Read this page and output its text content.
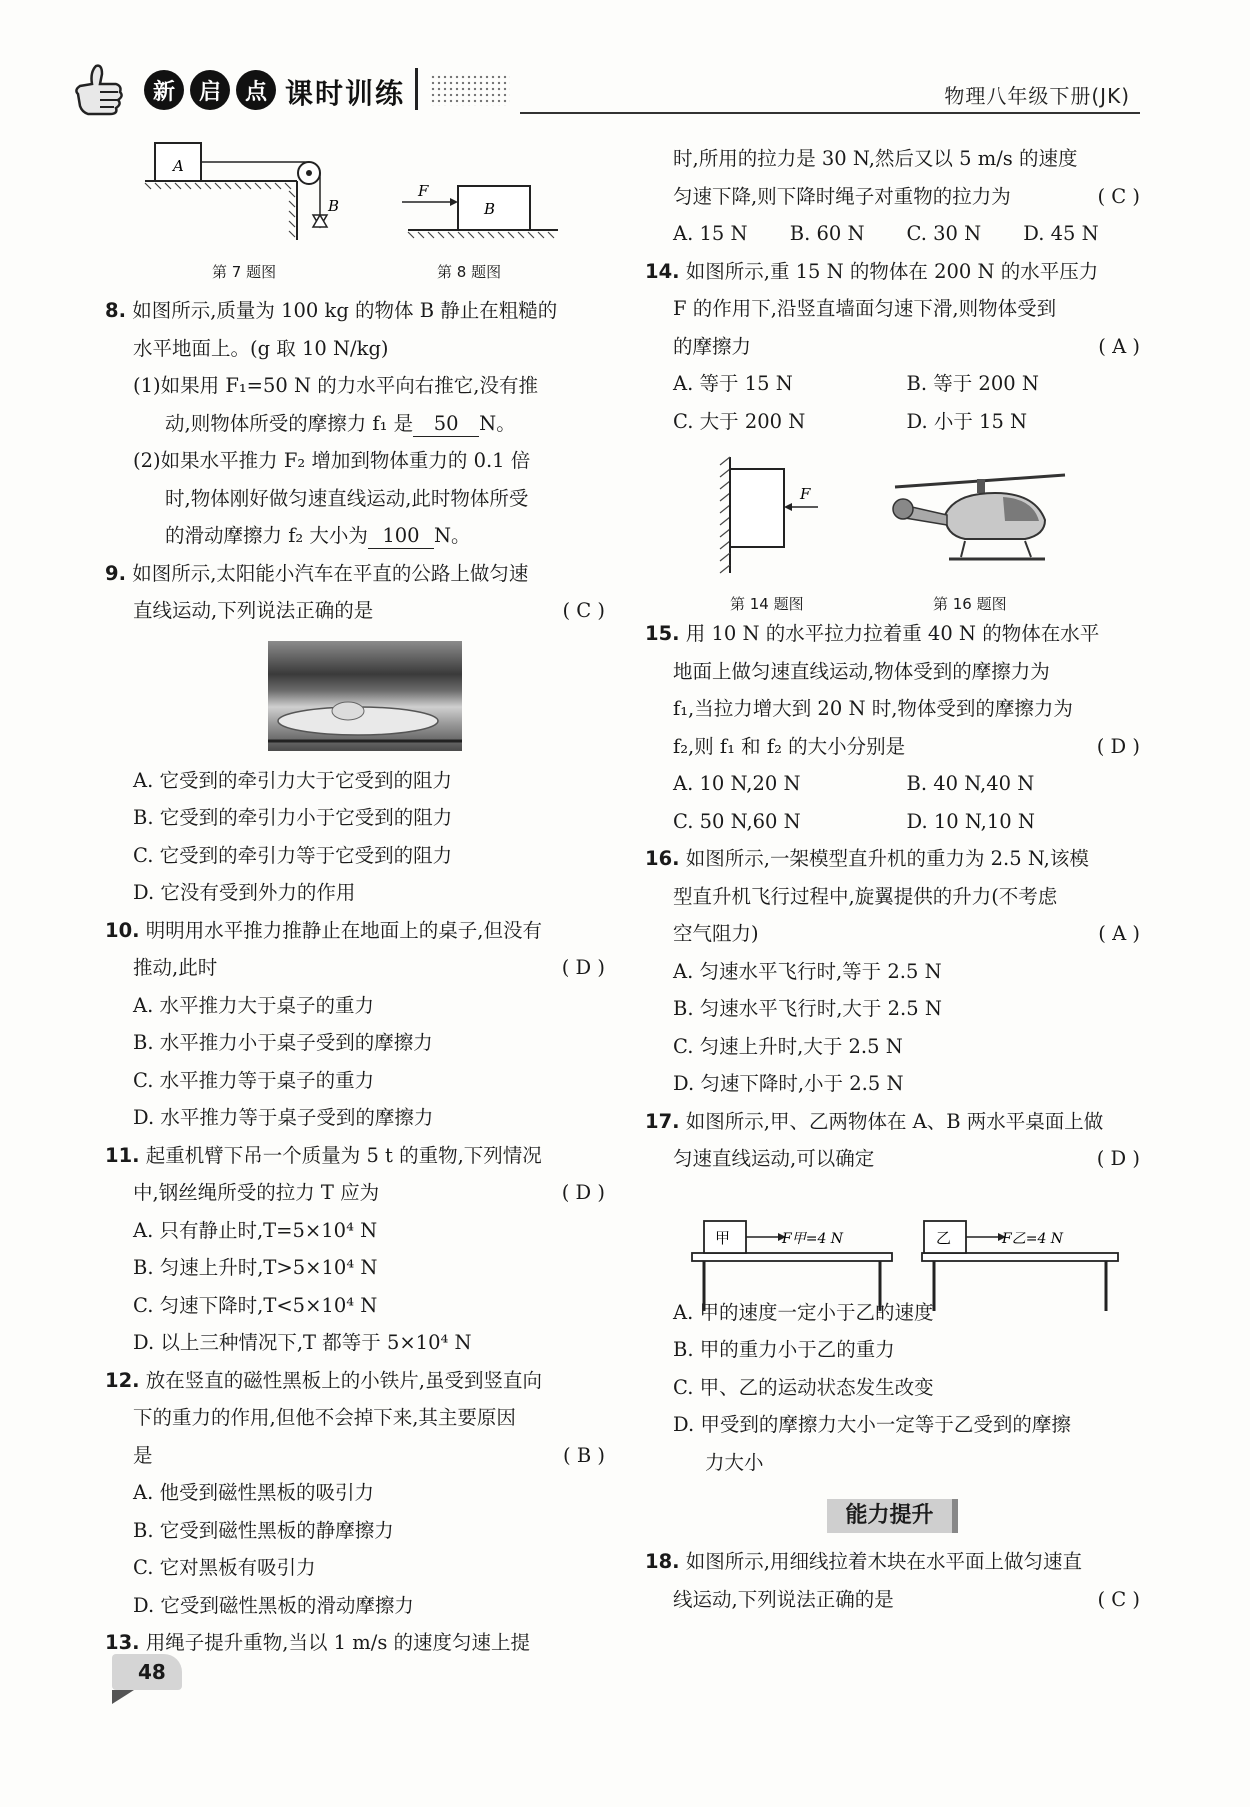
新	启	点 课时训练	物理八年级下册(JK)
A
B
第 7 题图
F
B
第 8 题图
8. 如图所示,质量为 100 kg 的物体 B 静止在粗糙的
水平地面上。(g 取 10 N/kg)
(1)如果用 F₁=50 N 的力水平向右推它,没有推
动,则物体所受的摩擦力 f₁ 是 50 N。
(2)如果水平推力 F₂ 增加到物体重力的 0.1 倍
时,物体刚好做匀速直线运动,此时物体所受
的滑动摩擦力 f₂ 大小为 100 N。
9. 如图所示,太阳能小汽车在平直的公路上做匀速
直线运动,下列说法正确的是	( C )
A. 它受到的牵引力大于它受到的阻力
B. 它受到的牵引力小于它受到的阻力
C. 它受到的牵引力等于它受到的阻力
D. 它没有受到外力的作用
10. 明明用水平推力推静止在地面上的桌子,但没有
推动,此时	( D )
A. 水平推力大于桌子的重力
B. 水平推力小于桌子受到的摩擦力
C. 水平推力等于桌子的重力
D. 水平推力等于桌子受到的摩擦力
11. 起重机臂下吊一个质量为 5 t 的重物,下列情况
中,钢丝绳所受的拉力 T 应为	( D )
A. 只有静止时,T=5×10⁴ N
B. 匀速上升时,T>5×10⁴ N
C. 匀速下降时,T<5×10⁴ N
D. 以上三种情况下,T 都等于 5×10⁴ N
12. 放在竖直的磁性黑板上的小铁片,虽受到竖直向
下的重力的作用,但他不会掉下来,其主要原因
是	( B )
A. 他受到磁性黑板的吸引力
B. 它受到磁性黑板的静摩擦力
C. 它对黑板有吸引力
D. 它受到磁性黑板的滑动摩擦力
13. 用绳子提升重物,当以 1 m/s 的速度匀速上提
时,所用的拉力是 30 N,然后又以 5 m/s 的速度
匀速下降,则下降时绳子对重物的拉力为	( C )
A. 15 N	B. 60 N	C. 30 N	D. 45 N
14. 如图所示,重 15 N 的物体在 200 N 的水平压力
F 的作用下,沿竖直墙面匀速下滑,则物体受到
的摩擦力	( A )
A. 等于 15 N	B. 等于 200 N
C. 大于 200 N	D. 小于 15 N
15. 用 10 N 的水平拉力拉着重 40 N 的物体在水平
地面上做匀速直线运动,物体受到的摩擦力为
f₁,当拉力增大到 20 N 时,物体受到的摩擦力为
f₂,则 f₁ 和 f₂ 的大小分别是	( D )
A. 10 N,20 N	B. 40 N,40 N
C. 50 N,60 N	D. 10 N,10 N
16. 如图所示,一架模型直升机的重力为 2.5 N,该模
型直升机飞行过程中,旋翼提供的升力(不考虑
空气阻力)	( A )
A. 匀速水平飞行时,等于 2.5 N
B. 匀速水平飞行时,大于 2.5 N
C. 匀速上升时,大于 2.5 N
D. 匀速下降时,小于 2.5 N
17. 如图所示,甲、乙两物体在 A、B 两水平桌面上做
匀速直线运动,可以确定	( D )
A. 甲的速度一定小于乙的速度
B. 甲的重力小于乙的重力
C. 甲、乙的运动状态发生改变
D. 甲受到的摩擦力大小一定等于乙受到的摩擦
力大小
能力提升
18. 如图所示,用细线拉着木块在水平面上做匀速直
线运动,下列说法正确的是	( C )
F
第 14 题图	第 16 题图
甲	F甲=4 N	乙	F乙=4 N
48
